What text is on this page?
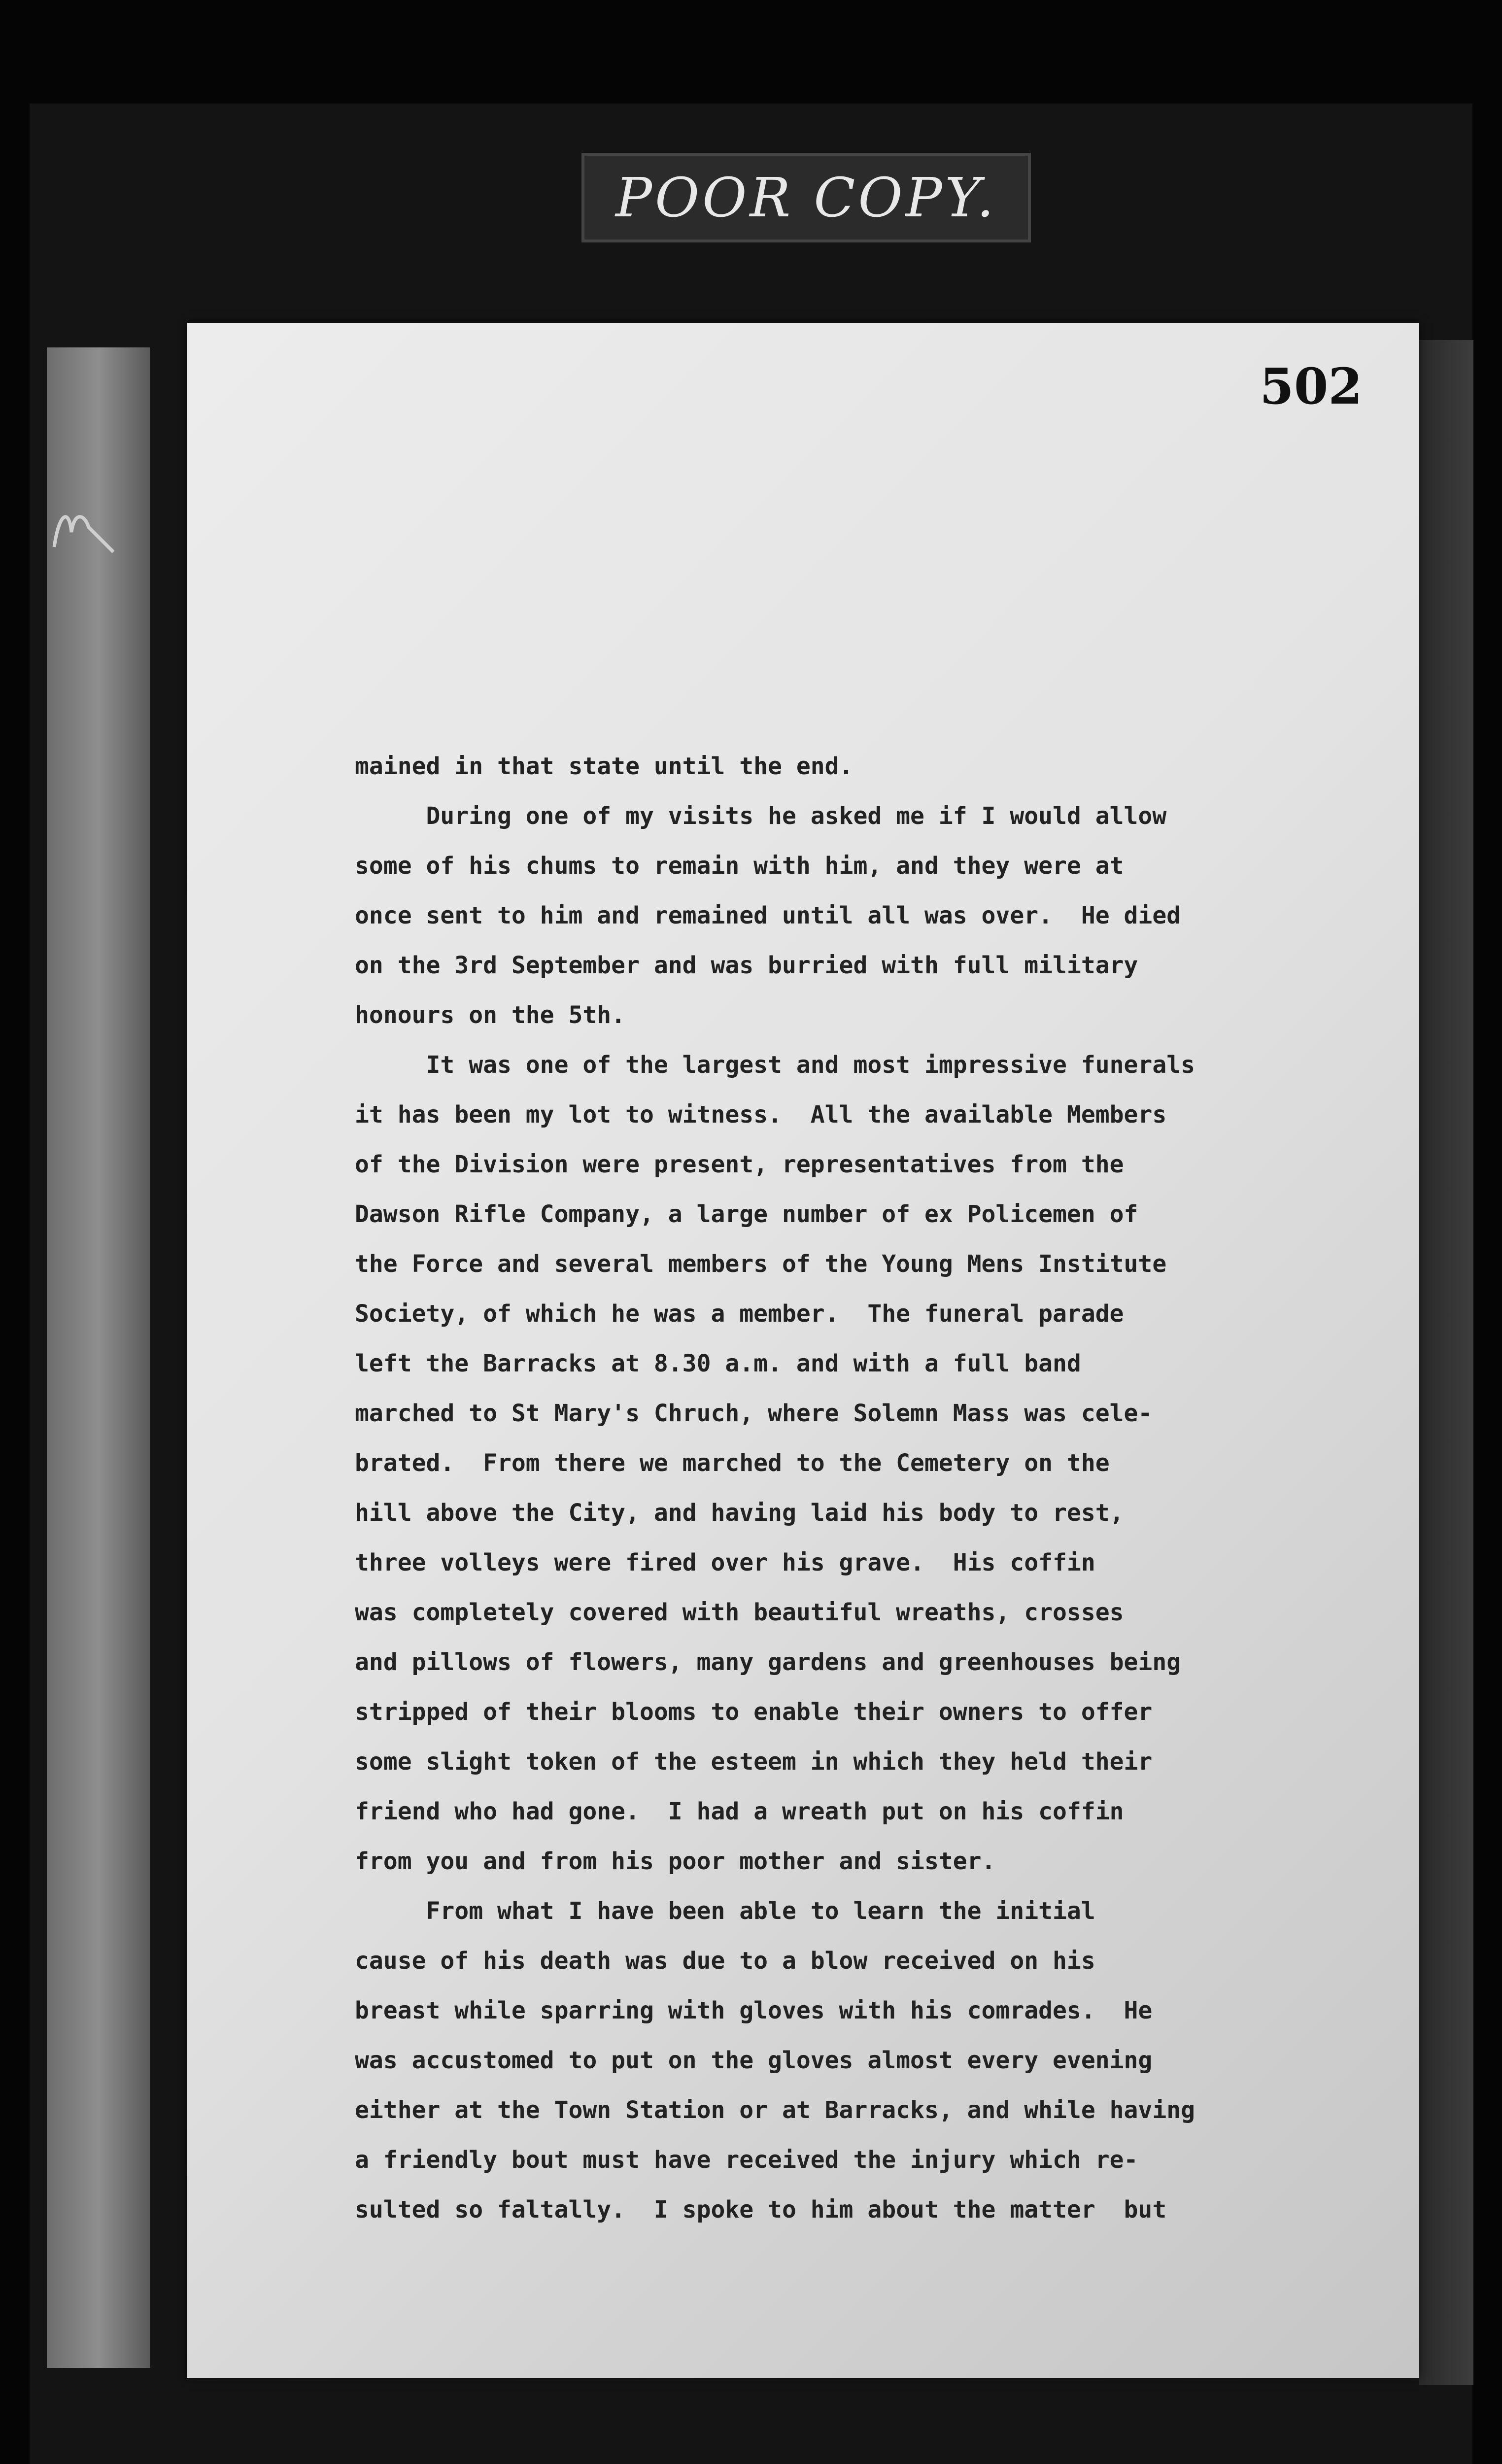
POOR COPY.
502
mained in that state until the end.
During one of my visits he asked me if I would allow
some of his chums to remain with him, and they were at
once sent to him and remained until all was over.  He died
on the 3rd September and was burried with full military
honours on the 5th.
It was one of the largest and most impressive funerals
it has been my lot to witness.  All the available Members
of the Division were present, representatives from the
Dawson Rifle Company, a large number of ex Policemen of
the Force and several members of the Young Mens Institute
Society, of which he was a member.  The funeral parade
left the Barracks at 8.30 a.m. and with a full band
marched to St Mary's Chruch, where Solemn Mass was cele-
brated.  From there we marched to the Cemetery on the
hill above the City, and having laid his body to rest,
three volleys were fired over his grave.  His coffin
was completely covered with beautiful wreaths, crosses
and pillows of flowers, many gardens and greenhouses being
stripped of their blooms to enable their owners to offer
some slight token of the esteem in which they held their
friend who had gone.  I had a wreath put on his coffin
from you and from his poor mother and sister.
From what I have been able to learn the initial
cause of his death was due to a blow received on his
breast while sparring with gloves with his comrades.  He
was accustomed to put on the gloves almost every evening
either at the Town Station or at Barracks, and while having
a friendly bout must have received the injury which re-
sulted so faltally.  I spoke to him about the matter  but
